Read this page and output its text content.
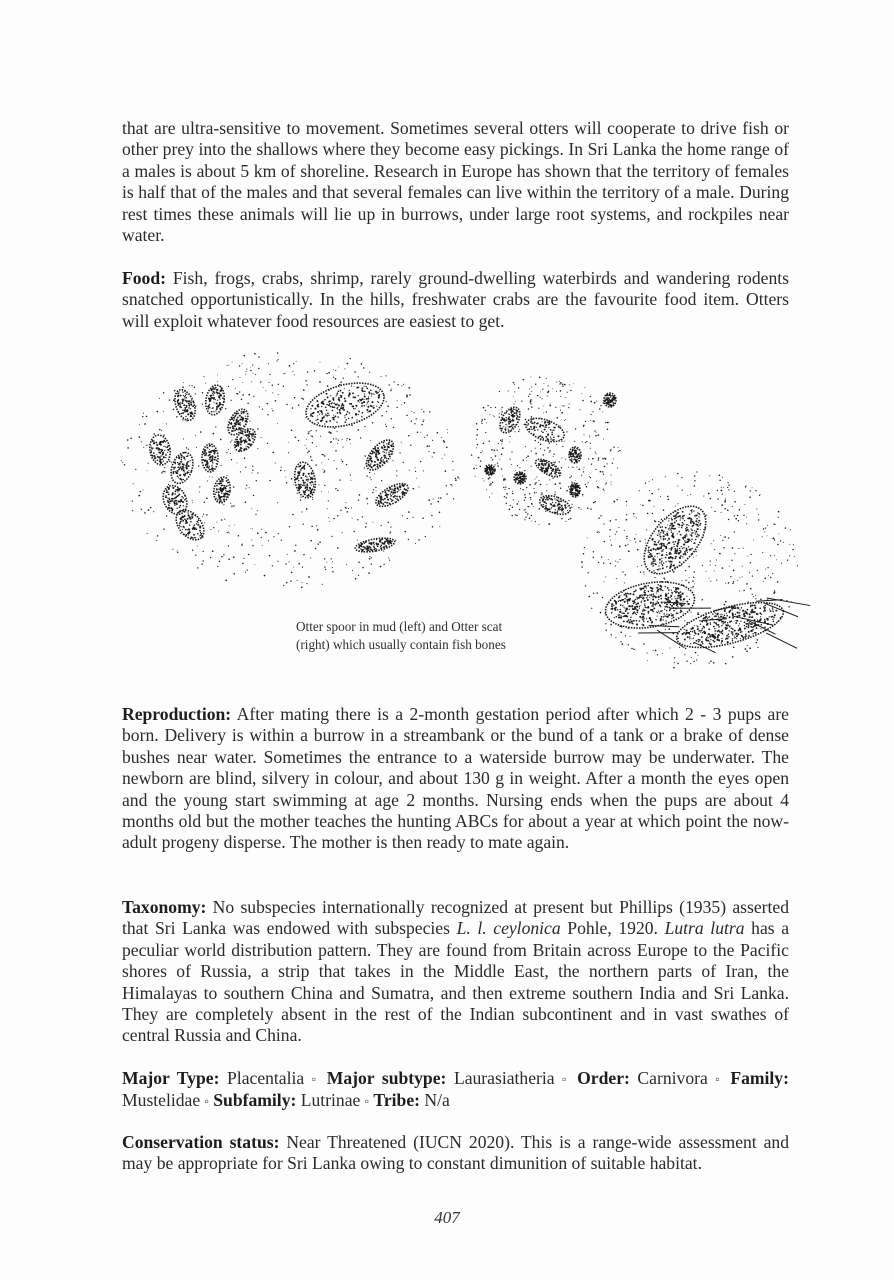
that are ultra-sensitive to movement. Sometimes several otters will cooperate to drive fish or other prey into the shallows where they become easy pickings. In Sri Lanka the home range of a males is about 5 km of shoreline. Research in Europe has shown that the territory of females is half that of the males and that several females can live within the territory of a male. During rest times these animals will lie up in burrows, under large root systems, and rockpiles near water.

Food: Fish, frogs, crabs, shrimp, rarely ground-dwelling waterbirds and wandering rodents snatched opportunistically. In the hills, freshwater crabs are the favourite food item. Otters will exploit whatever food resources are easiest to get.

Otter spoor in mud (left) and Otter scat
(right) which usually contain fish bones

Reproduction: After mating there is a 2-month gestation period after which 2 - 3 pups are born. Delivery is within a burrow in a streambank or the bund of a tank or a brake of dense bushes near water. Sometimes the entrance to a waterside burrow may be underwater. The newborn are blind, silvery in colour, and about 130 g in weight. After a month the eyes open and the young start swimming at age 2 months. Nursing ends when the pups are about 4 months old but the mother teaches the hunting ABCs for about a year at which point the now-adult progeny disperse. The mother is then ready to mate again.

Taxonomy: No subspecies internationally recognized at present but Phillips (1935) asserted that Sri Lanka was endowed with subspecies L. l. ceylonica Pohle, 1920. Lutra lutra has a peculiar world distribution pattern. They are found from Britain across Europe to the Pacific shores of Russia, a strip that takes in the Middle East, the northern parts of Iran, the Himalayas to southern China and Sumatra, and then extreme southern India and Sri Lanka. They are completely absent in the rest of the Indian subcontinent and in vast swathes of central Russia and China.

Major Type: Placentalia ▫ Major subtype: Laurasiatheria ▫ Order: Carnivora ▫ Family: Mustelidae ▫ Subfamily: Lutrinae ▫ Tribe: N/a

Conservation status: Near Threatened (IUCN 2020). This is a range-wide assessment and may be appropriate for Sri Lanka owing to constant dimunition of suitable habitat.

407
